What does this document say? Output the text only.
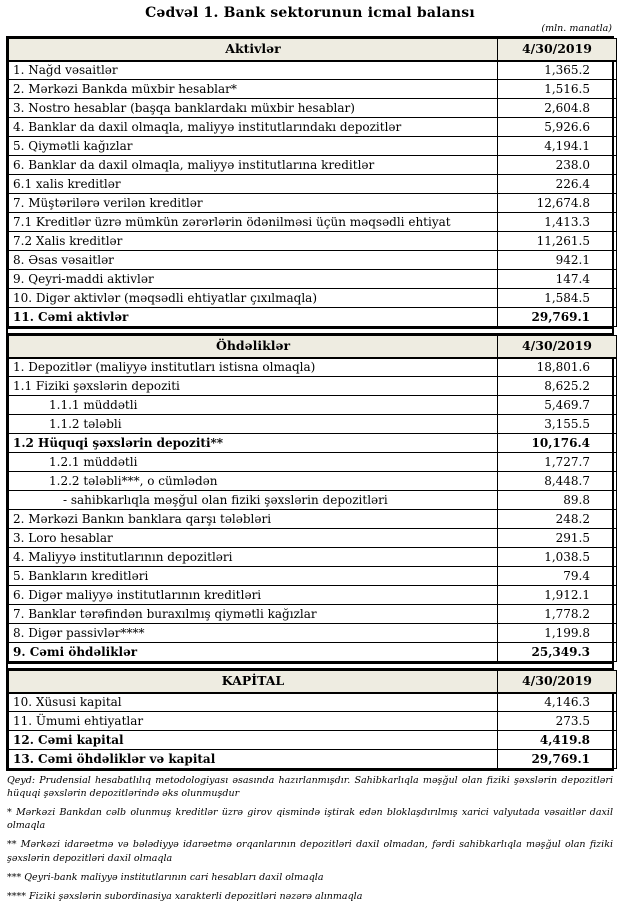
Cədvəl 1. Bank sektorunun icmal balansı
(mln. manatla)
Aktivlər	4/30/2019
1. Nağd vəsaitlər	1,365.2
2. Mərkəzi Bankda müxbir hesablar*	1,516.5
3. Nostro hesablar (başqa banklardakı müxbir hesablar)	2,604.8
4. Banklar da daxil olmaqla, maliyyə institutlarındakı depozitlər	5,926.6
5. Qiymətli kağızlar	4,194.1
6. Banklar da daxil olmaqla, maliyyə institutlarına kreditlər	238.0
6.1 xalis kreditlər	226.4
7. Müştərilərə verilən kreditlər	12,674.8
7.1 Kreditlər üzrə mümkün zərərlərin ödənilməsi üçün məqsədli ehtiyat	1,413.3
7.2 Xalis kreditlər	11,261.5
8. Əsas vəsaitlər	942.1
9. Qeyri-maddi aktivlər	147.4
10. Digər aktivlər (məqsədli ehtiyatlar çıxılmaqla)	1,584.5
11. Cəmi aktivlər	29,769.1
Öhdəliklər	4/30/2019
1. Depozitlər (maliyyə institutları istisna olmaqla)	18,801.6
1.1 Fiziki şəxslərin depoziti	8,625.2
1.1.1 müddətli	5,469.7
1.1.2 tələbli	3,155.5
1.2 Hüquqi şəxslərin depoziti**	10,176.4
1.2.1 müddətli	1,727.7
1.2.2 tələbli***, o cümlədən	8,448.7
- sahibkarlıqla məşğul olan fiziki şəxslərin depozitləri	89.8
2. Mərkəzi Bankın banklara qarşı tələbləri	248.2
3. Loro hesablar	291.5
4. Maliyyə institutlarının depozitləri	1,038.5
5. Bankların kreditləri	79.4
6. Digər maliyyə institutlarının kreditləri	1,912.1
7. Banklar tərəfindən buraxılmış qiymətli kağızlar	1,778.2
8. Digər passivlər****	1,199.8
9. Cəmi öhdəliklər	25,349.3
KAPİTAL	4/30/2019
10. Xüsusi kapital	4,146.3
11. Ümumi ehtiyatlar	273.5
12. Cəmi kapital	4,419.8
13. Cəmi öhdəliklər və kapital	29,769.1

Qeyd: Prudensial hesabatlılıq metodologiyası əsasında hazırlanmışdır. Sahibkarlıqla məşğul olan fiziki şəxslərin depozitləri hüquqi şəxslərin depozitlərində əks olunmuşdur

* Mərkəzi Bankdan cəlb olunmuş kreditlər üzrə girov qismində iştirak edən bloklaşdırılmış xarici valyutada vəsaitlər daxil olmaqla

** Mərkəzi idarəetmə və bələdiyyə idarəetmə orqanlarının depozitləri daxil olmadan, fərdi sahibkarlıqla məşğul olan fiziki şəxslərin depozitləri daxil olmaqla

*** Qeyri-bank maliyyə institutlarının cari hesabları daxil olmaqla

**** Fiziki şəxslərin subordinasiya xarakterli depozitləri nəzərə alınmaqla
